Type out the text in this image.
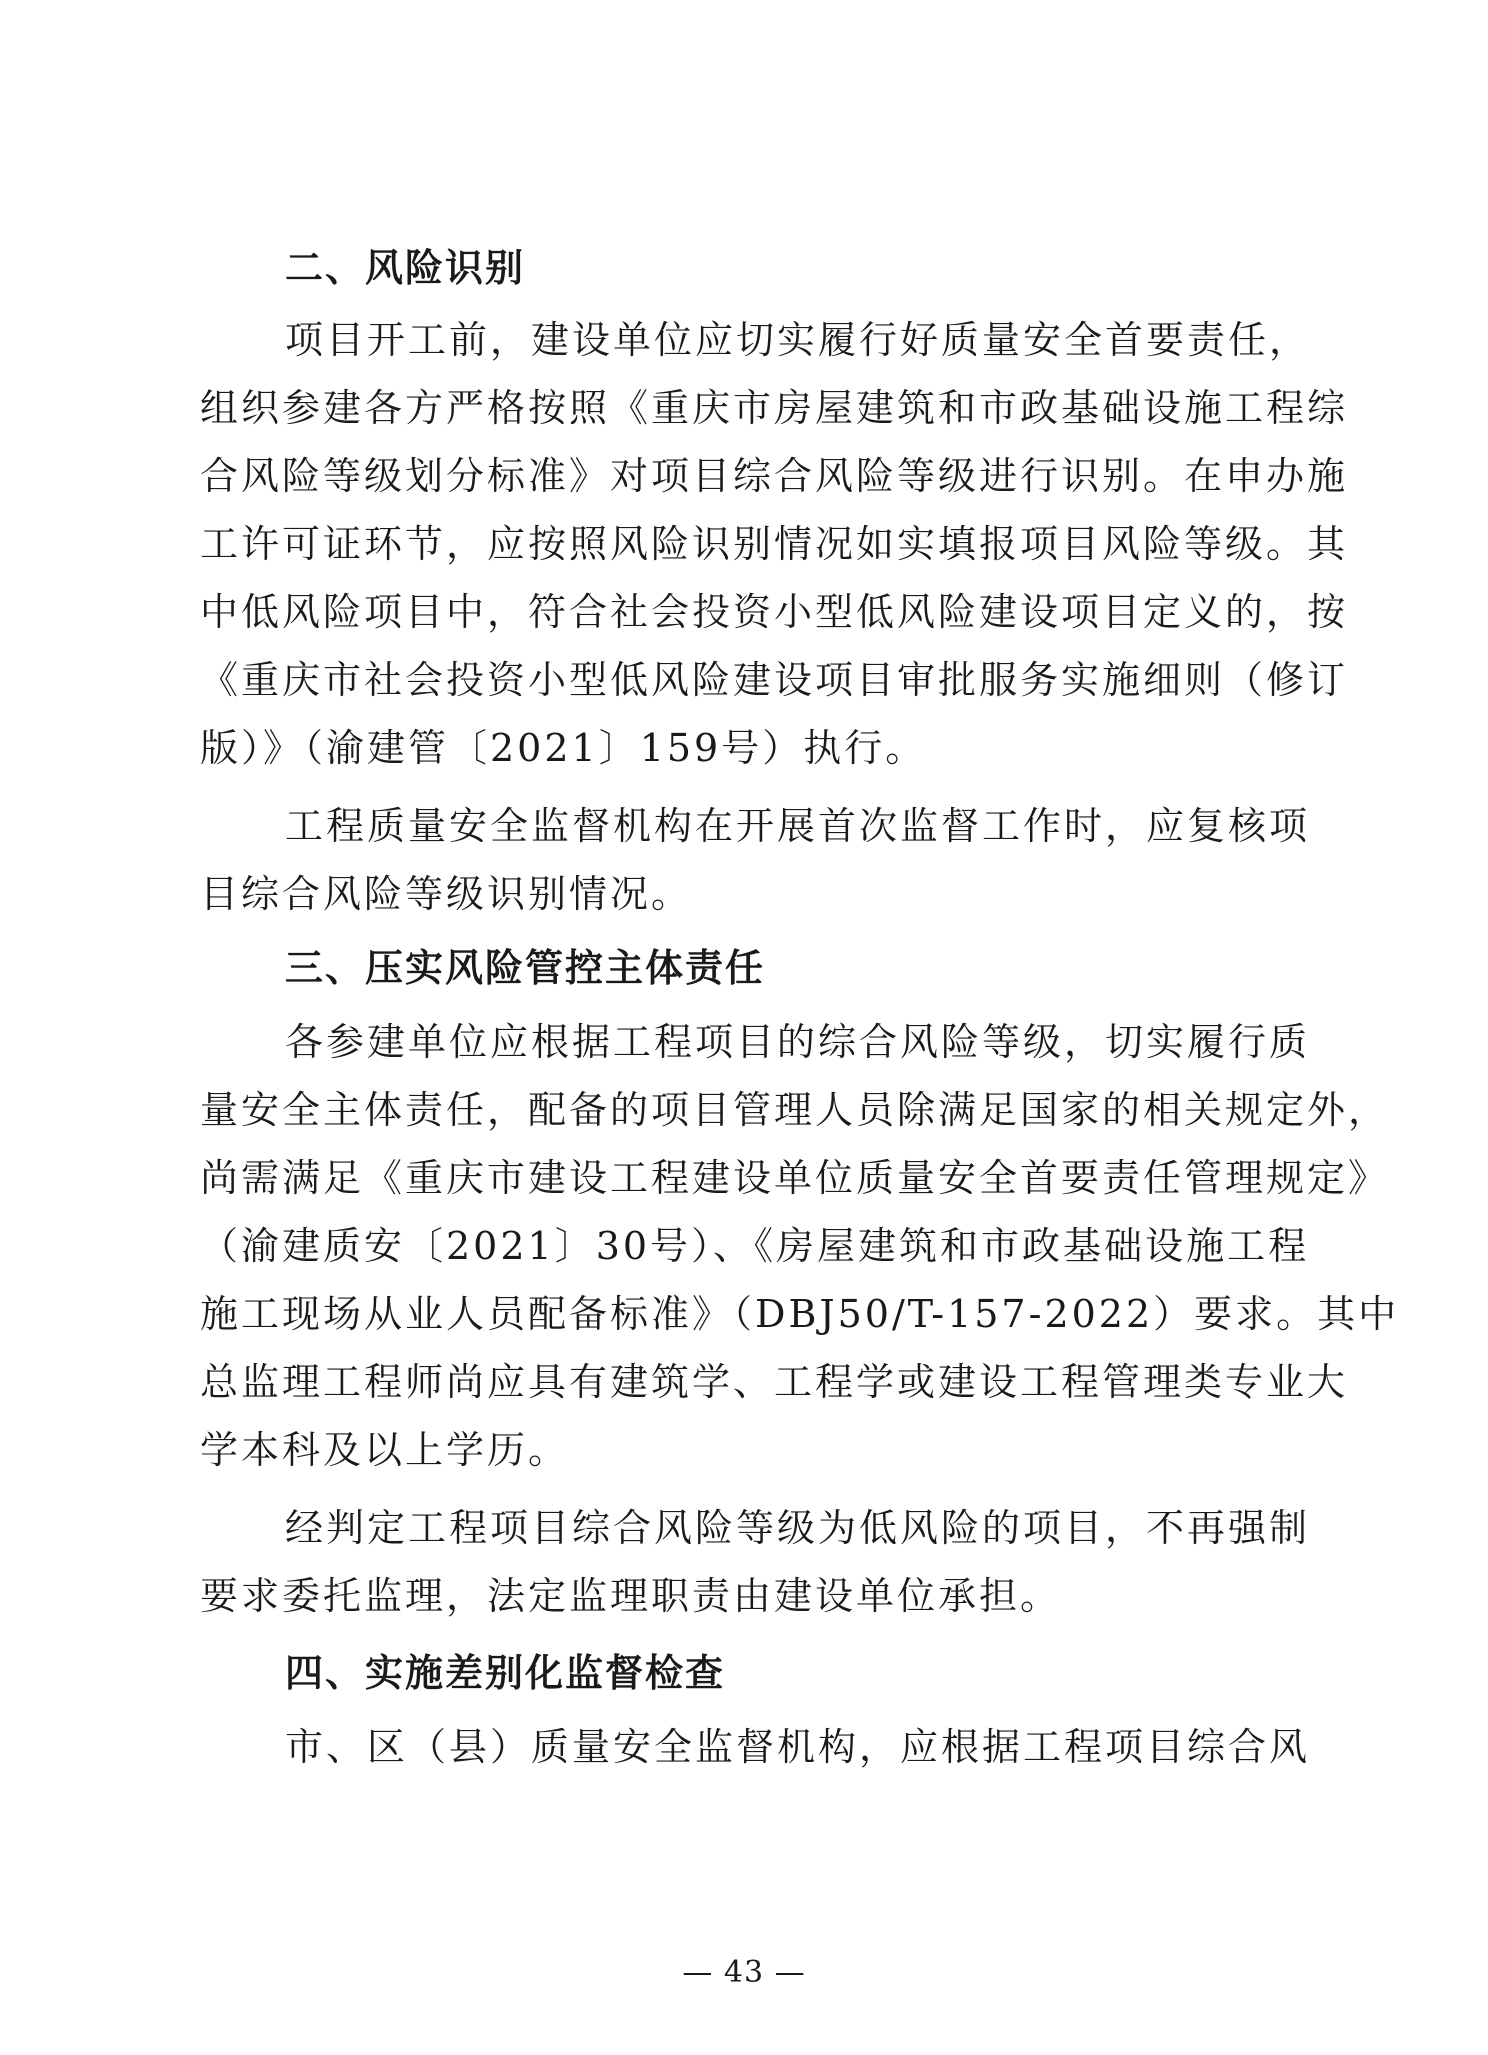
二、风险识别
项目开工前，建设单位应切实履行好质量安全首要责任，
组织参建各方严格按照《重庆市房屋建筑和市政基础设施工程综
合风险等级划分标准》对项目综合风险等级进行识别。在申办施
工许可证环节，应按照风险识别情况如实填报项目风险等级。其
中低风险项目中，符合社会投资小型低风险建设项目定义的，按
《重庆市社会投资小型低风险建设项目审批服务实施细则（修订
版）》（渝建管〔2021〕159号）执行。
工程质量安全监督机构在开展首次监督工作时，应复核项
目综合风险等级识别情况。
三、压实风险管控主体责任
各参建单位应根据工程项目的综合风险等级，切实履行质
量安全主体责任，配备的项目管理人员除满足国家的相关规定外，
尚需满足《重庆市建设工程建设单位质量安全首要责任管理规定》
（渝建质安〔2021〕30号）、《房屋建筑和市政基础设施工程
施工现场从业人员配备标准》（DBJ50/T-157-2022）要求。其中
总监理工程师尚应具有建筑学、工程学或建设工程管理类专业大
学本科及以上学历。
经判定工程项目综合风险等级为低风险的项目，不再强制
要求委托监理，法定监理职责由建设单位承担。
四、实施差别化监督检查
市、区（县）质量安全监督机构，应根据工程项目综合风
— 43 —
